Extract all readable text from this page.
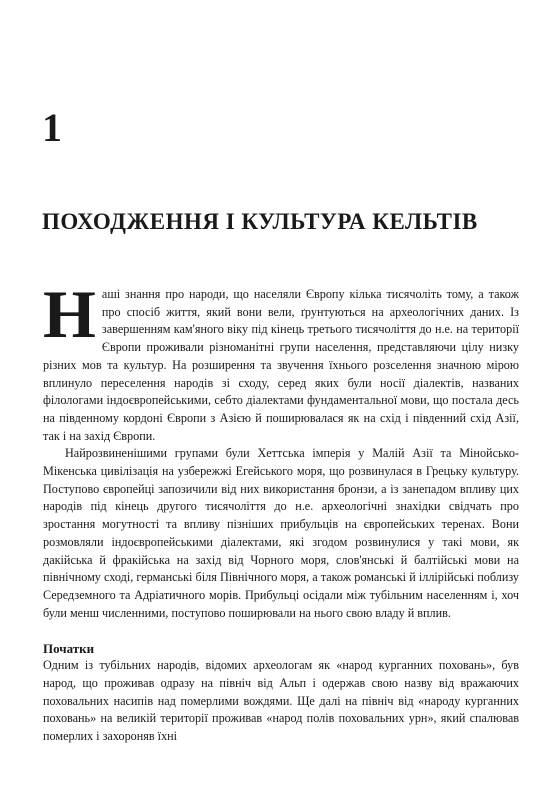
1
ПОХОДЖЕННЯ І КУЛЬТУРА КЕЛЬТІВ

Наші знання про народи, що населяли Європу кілька тисячоліть тому, а також про спосіб життя, який вони вели, ґрунтуються на археологічних даних. Із завершенням кам'яного віку під кінець третього тисячоліття до н.е. на території Європи проживали різноманітні групи населення, представляючи цілу низку різних мов та культур. На розширення та звучення їхнього розселення значною мірою вплинуло переселення народів зі сходу, серед яких були носії діалектів, названих філологами індоєвропейськими, себто діалектами фундаментальної мови, що постала десь на південному кордоні Європи з Азією й поширювалася як на схід і південний схід Азії, так і на захід Європи.

Найрозвиненішими групами були Хеттська імперія у Малій Азії та Мінойсько-Мікенська цивілізація на узбережжі Егейського моря, що розвинулася в Грецьку культуру. Поступово європейці запозичили від них використання бронзи, а із занепадом впливу цих народів під кінець другого тисячоліття до н.е. археологічні знахідки свідчать про зростання могутності та впливу пізніших прибульців на європейських теренах. Вони розмовляли індоєвропейськими діалектами, які згодом розвинулися у такі мови, як дакійська й фракійська на захід від Чорного моря, слов'янські й балтійські мови на північному сході, германські біля Північного моря, а також романські й іллірійські поблизу Середземного та Адріатичного морів. Прибульці осідали між тубільним населенням і, хоч були менш численними, поступово поширювали на нього свою владу й вплив.

Початки

Одним із тубільних народів, відомих археологам як «народ курганних поховань», був народ, що проживав одразу на північ від Альп і одержав свою назву від вражаючих поховальних насипів над померлими вождями. Ще далі на північ від «народу курганних поховань» на великій території проживав «народ полів поховальних урн», який спалював померлих і захороняв їхні
